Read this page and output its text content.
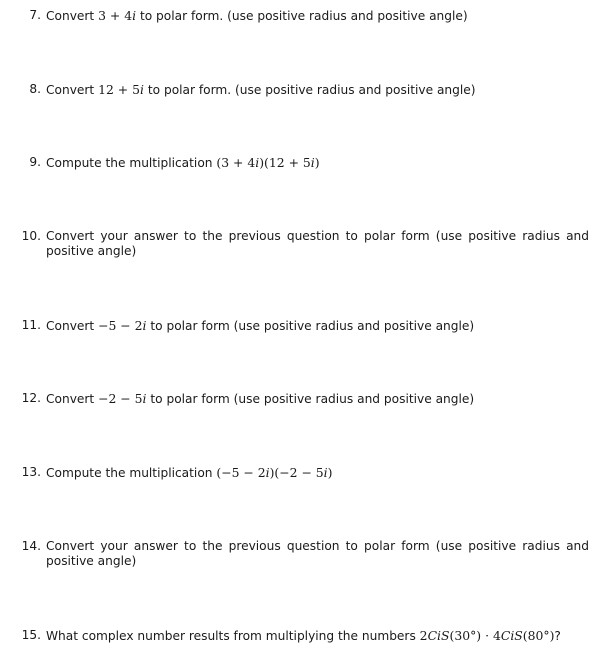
7. Convert 3 + 4i to polar form. (use positive radius and positive angle)
8. Convert 12 + 5i to polar form. (use positive radius and positive angle)
9. Compute the multiplication (3 + 4i)(12 + 5i)
10. Convert your answer to the previous question to polar form (use positive radius and positive angle)
11. Convert −5 − 2i to polar form (use positive radius and positive angle)
12. Convert −2 − 5i to polar form (use positive radius and positive angle)
13. Compute the multiplication (−5 − 2i)(−2 − 5i)
14. Convert your answer to the previous question to polar form (use positive radius and positive angle)
15. What complex number results from multiplying the numbers 2CiS(30°) · 4CiS(80°)?
